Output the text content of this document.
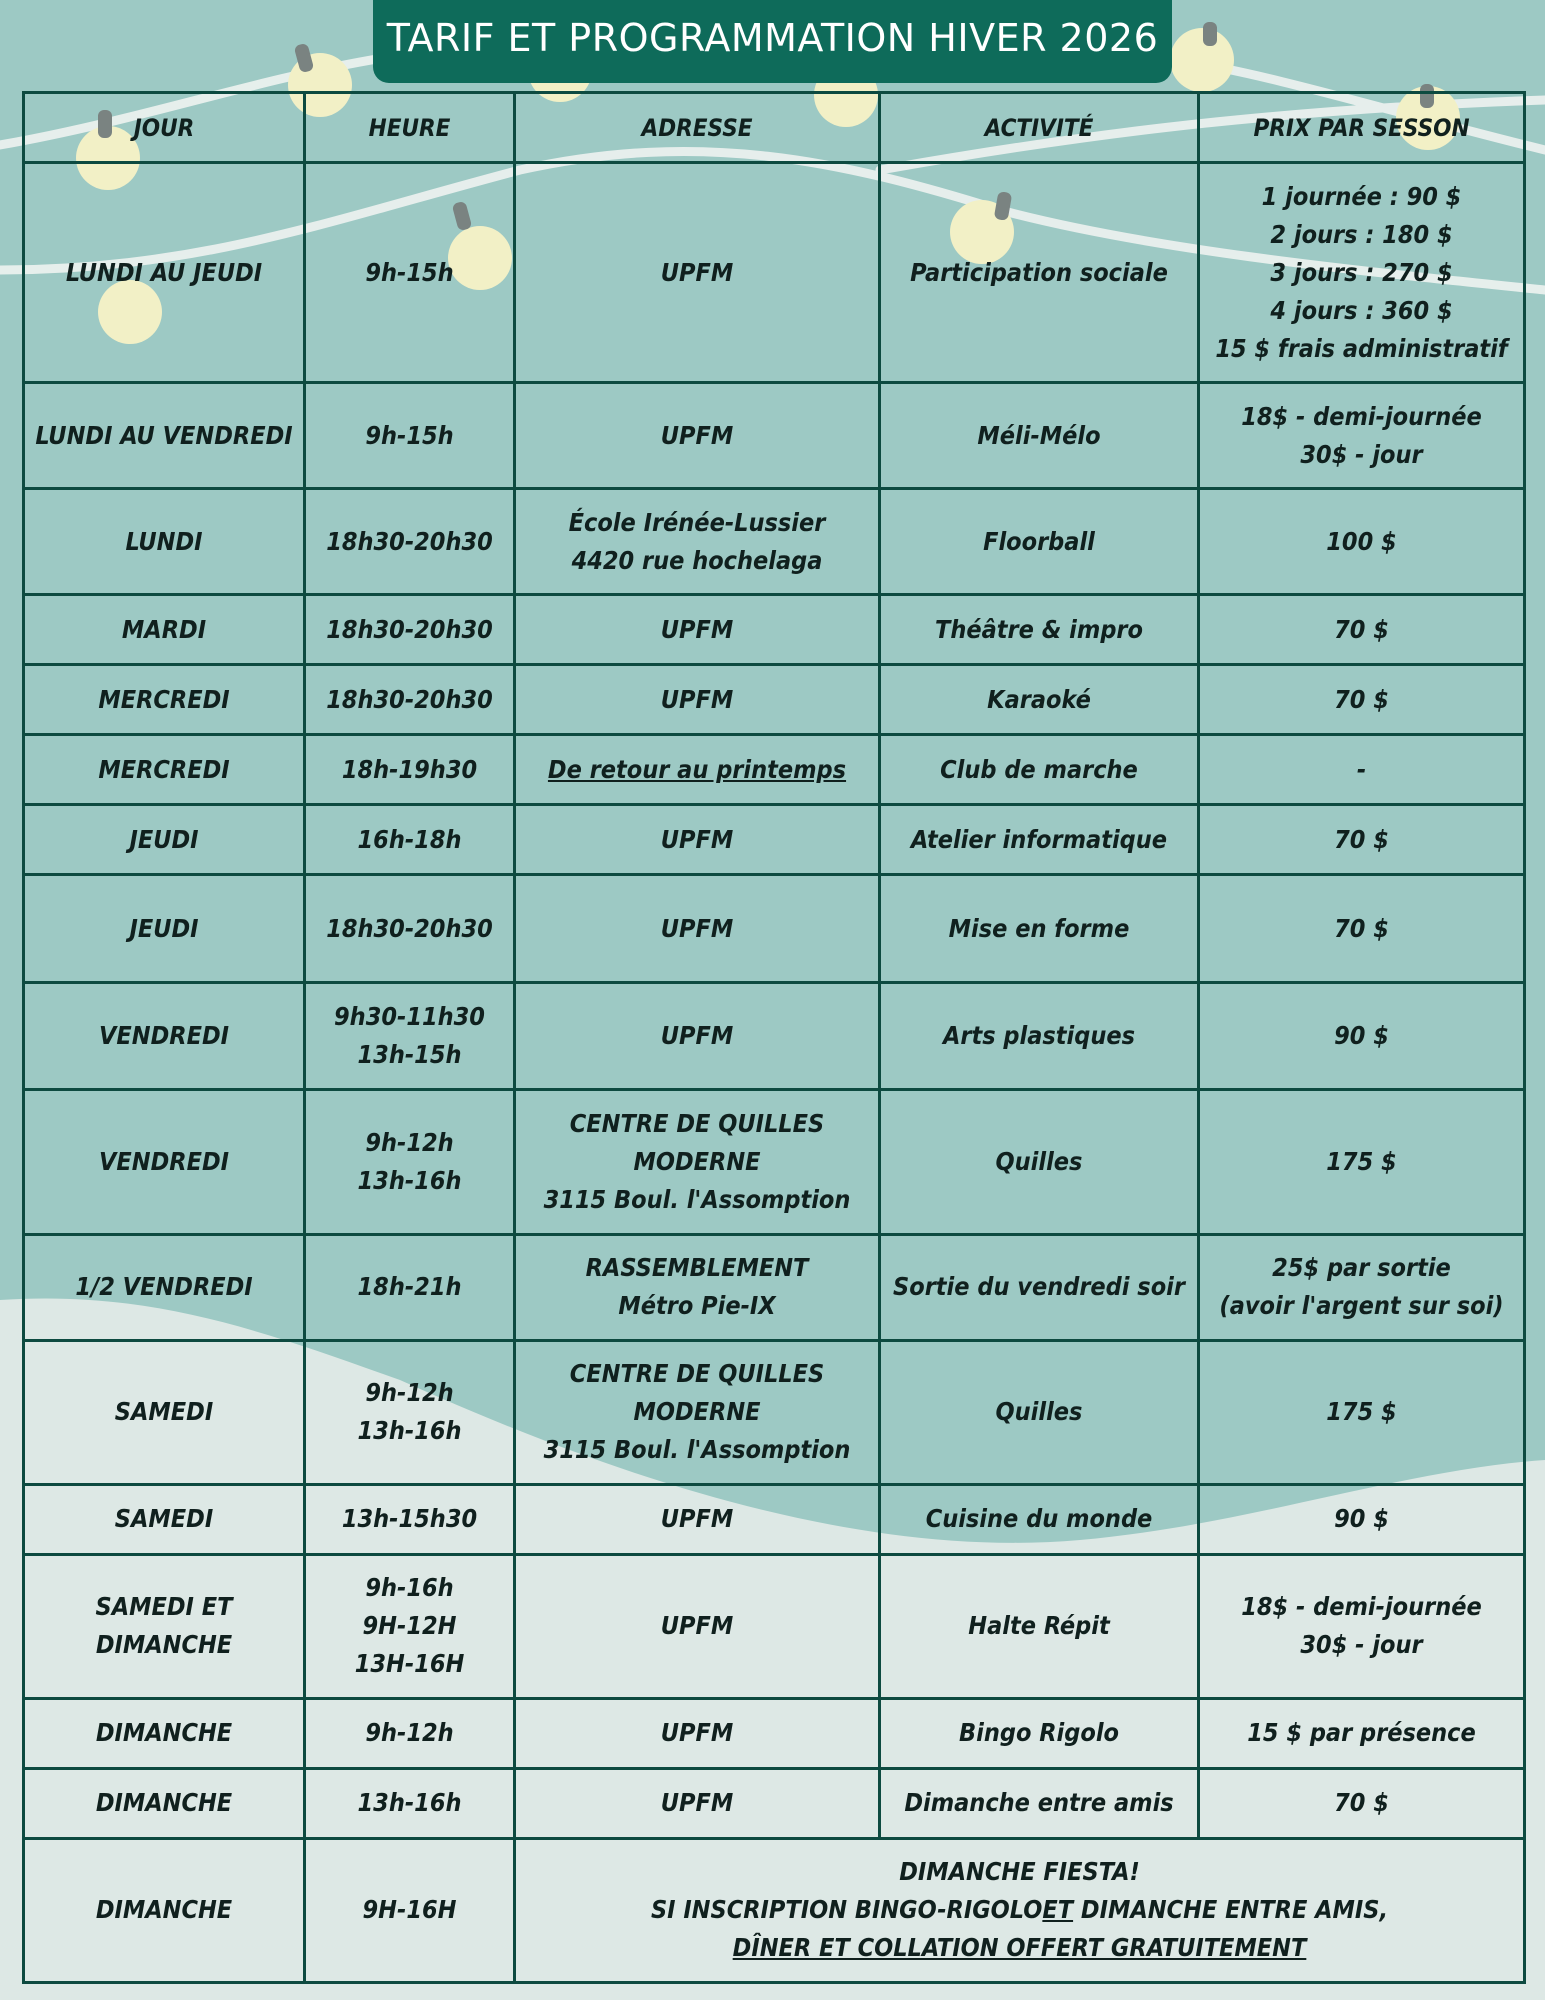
TARIF ET PROGRAMMATION HIVER 2026
JOUR	HEURE	ADRESSE	ACTIVITÉ	PRIX PAR SESSON
LUNDI AU JEUDI	9h-15h	UPFM	Participation sociale	1 journée : 90 $
2 jours : 180 $
3 jours : 270 $
4 jours : 360 $
15 $ frais administratif

LUNDI AU VENDREDI	9h-15h	UPFM	Méli-Mélo	18$ - demi-journée
30$ - jour

LUNDI	18h30-20h30	École Irénée-Lussier
4420 rue hochelaga	Floorball	100 $
MARDI	18h30-20h30	UPFM	Théâtre & impro	70 $
MERCREDI	18h30-20h30	UPFM	Karaoké	70 $
MERCREDI	18h-19h30	De retour au printemps	Club de marche	-
JEUDI	16h-18h	UPFM	Atelier informatique	70 $
JEUDI	18h30-20h30	UPFM	Mise en forme	70 $
VENDREDI	9h30-11h30
13h-15h	UPFM	Arts plastiques	90 $
VENDREDI	9h-12h
13h-16h	CENTRE DE QUILLES MODERNE
3115 Boul. l'Assomption	Quilles	175 $
1/2 VENDREDI	18h-21h	RASSEMBLEMENT
Métro Pie-IX	Sortie du vendredi soir	25$ par sortie
(avoir l'argent sur soi)

SAMEDI	9h-12h
13h-16h	CENTRE DE QUILLES MODERNE
3115 Boul. l'Assomption	Quilles	175 $
SAMEDI	13h-15h30	UPFM	Cuisine du monde	90 $
SAMEDI ET DIMANCHE	9h-16h
9H-12H
13H-16H	UPFM	Halte Répit	18$ - demi-journée
30$ - jour

DIMANCHE	9h-12h	UPFM	Bingo Rigolo	15 $ par présence
DIMANCHE	13h-16h	UPFM	Dimanche entre amis	70 $
DIMANCHE	9H-16H	DIMANCHE FIESTA!
SI INSCRIPTION BINGO-RIGOLOET DIMANCHE ENTRE AMIS,
DÎNER ET COLLATION OFFERT GRATUITEMENT		
